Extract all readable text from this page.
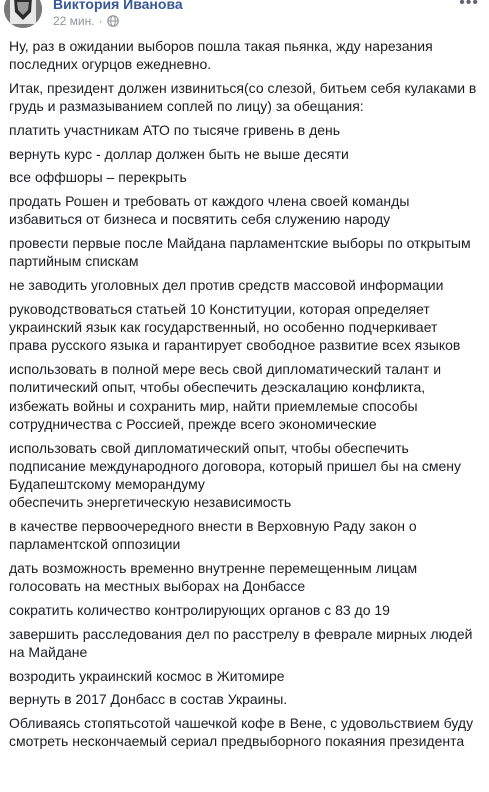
Виктория Иванова
22 мин. ·
•••

Ну, раз в ожидании выборов пошла такая пьянка, жду нарезания последних огурцов ежедневно.

Итак, президент должен извиниться(со слезой, битьем себя кулаками в грудь и размазыванием соплей по лицу) за обещания:

платить участникам АТО по тысяче гривень в день

вернуть курс - доллар должен быть не выше десяти

все оффшоры – перекрыть

продать Рошен и требовать от каждого члена своей команды избавиться от бизнеса и посвятить себя служению народу

провести первые после Майдана парламентские выборы по открытым партийным спискам

не заводить уголовных дел против средств массовой информации

руководствоваться статьей 10 Конституции, которая определяет украинский язык как государственный, но особенно подчеркивает права русского языка и гарантирует свободное развитие всех языков

использовать в полной мере весь свой дипломатический талант и политический опыт, чтобы обеспечить деэскалацию конфликта, избежать войны и сохранить мир, найти приемлемые способы сотрудничества с Россией, прежде всего экономические

использовать свой дипломатический опыт, чтобы обеспечить подписание международного договора, который пришел бы на смену Будапештскому меморандуму
обеспечить энергетическую независимость

в качестве первоочередного внести в Верховную Раду закон о парламентской оппозиции

дать возможность временно внутренне перемещенным лицам голосовать на местных выборах на Донбассе

сократить количество контролирующих органов с 83 до 19

завершить расследования дел по расстрелу в феврале мирных людей на Майдане

возродить украинский космос в Житомире

вернуть в 2017 Донбасс в состав Украины.

Обливаясь стопятьсотой чашечкой кофе в Вене, с удовольствием буду смотреть нескончаемый сериал предвыборного покаяния президента
